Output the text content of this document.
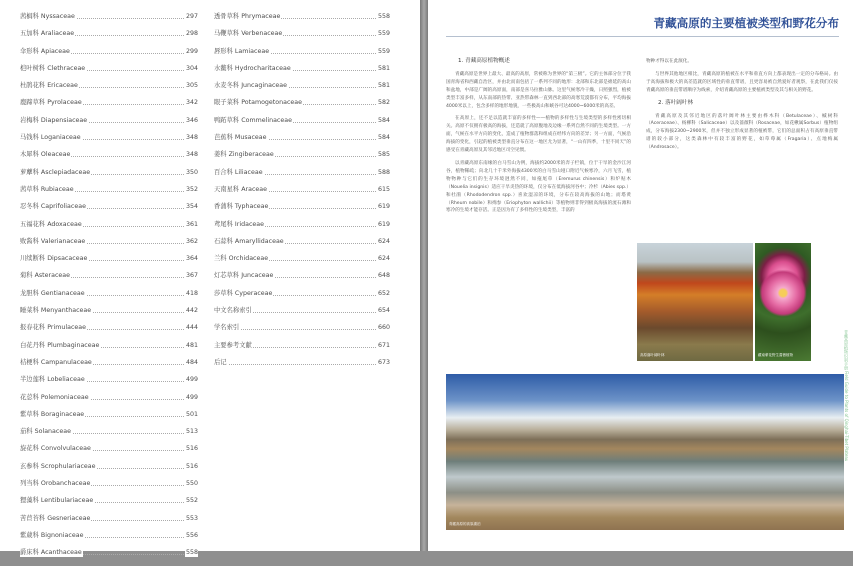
茜榈科 Nyssaceae	297
五加科 Araliaceae	298
伞形科 Apiaceae	299
桤叶树科 Clethraceae	304
杜鹃花科 Ericaceae	305
鹿蹄草科 Pyrolaceae	342
岩梅科 Diapensiaceae	346
马钱科 Loganiaceae	348
木犀科 Oleaceae	348
萝藦科 Asclepiadaceae	350
茜草科 Rubiaceae	352
忍冬科 Caprifoliaceae	354
五福花科 Adoxaceae	361
败酱科 Valerianaceae	362
川续断科 Dipsacaceae	364
菊科 Asteraceae	367
龙胆科 Gentianaceae	418
睡菜科 Menyanthaceae	442
报春花科 Primulaceae	444
白花丹科 Plumbaginaceae	481
桔梗科 Campanulaceae	484
半边莲科 Lobeliaceae	499
花荵科 Polemoniaceae	499
紫草科 Boraginaceae	501
茄科 Solanaceae	513
旋花科 Convolvulaceae	516
玄参科 Scrophulariaceae	516
列当科 Orobanchaceae	550
狸藻科 Lentibulariaceae	552
苦苣苔科 Gesneriaceae	553
紫葳科 Bignoniaceae	556
爵床科 Acanthaceae	558
透骨草科 Phrymaceae	558
马鞭草科 Verbenaceae	559
唇形科 Lamiaceae	559
水鳖科 Hydrocharitaceae	581
水麦冬科 Juncaginaceae	581
眼子菜科 Potamogetonaceae	582
鸭跖草科 Commelinaceae	584
芭蕉科 Musaceae	584
姜科 Zingiberaceae	585
百合科 Liliaceae	588
天南星科 Araceae	615
香蒲科 Typhaceae	619
鸢尾科 Iridaceae	619
石蒜科 Amaryllidaceae	624
兰科 Orchidaceae	624
灯芯草科 Juncaceae	648
莎草科 Cyperaceae	652
中文名称索引	654
学名索引	660
主要参考文献	671
后记	673
青藏高原的主要植被类型和野花分布
1. 青藏高原植物概述

青藏高原是世界上最大、最高的高原，常被称为世界的“第三极”。它的主体部分位于我国青海省和西藏自治区，并由北而南包括了一系列不同的地形：北部和东北部是绵延的高山和盆地，中部是广阔的高原面，南部是喜马拉雅山脉。这里气候寒冷干燥，日照强烈，植被类型丰富多样，从东南部的热带、亚热带森林一直到西北部的高寒荒漠都有分布，平均海拔4000米以上，包含多样的地形地貌，一些极高山和峡谷可达4000~6000米的高差。

在高原上，还不足以造就丰富的多样性——植物的多样性与生境类型的多样性密切相关。高原不仅拥有极高的海拔，还造就了高原腹地及边缘一系列自然不同的生境类型。一方面，气候在水平方向的变化，造成了植物群落和组成在经纬方向的差异；另一方面，气候沿海拔的变化，引起的植被类型垂直分布在这一地区尤为显著，“一山有四季，十里不同天”的感受在青藏高原及其邻近地区司空见惯。

以青藏高原东南缘的白马雪山为例，海拔约2000米的奔子栏镇，位于干旱的金沙江河谷，植物稀疏；向北几十千米外海拔4300米的白马雪山垭口附近气候寒冷，六月飞雪，植物物种与它们的生存环境迥然不同，如拖尾草（Eremurus chinensis）和炉贴木（Nouelia insignis）适应干旱炎热的环境，仅分布在低海拔河谷中；冷杉（Abies spp.）和杜鹃（Rhododendron spp.）喜欢湿凉的环境，分布在较高海拔的山地；而塔黄（Rheum nobile）和绵参（Eriophyton wallichii）等植物则非得到极高海拔的流石滩和寒冷的生境才能存活。正是因为有了多样性的生境类型，丰富的

物种才得以在此演化。

与世界其他地区相比，青藏高原的植被在水平和垂直方向上都表现出一定的分布格局。由于高海拔和极大的高差造就的区域性的垂直带谱，且更容易被自然爱好者观察，在此我们仅按青藏高原的垂直带谱顺序为线索，介绍青藏高原的主要植被类型及其与相关的野花。

2. 落叶阔叶林

青藏高原及其邻近地区的落叶阔叶林主要由桦木科（Betulaceae）、槭树科（Aceraceae）、杨柳科（Salicaceae）以及蔷薇科（Rosaceae，如花楸属Sorbus）植物组成，分布海拔2300~2900米，但并不独立形成显著的植被带，它们的总面积占有高原垂直带谱的较小部分，这类森林中有较丰富的野花，如草莓属（Fragaria）、点地梅属（Androsace）。

高原落叶阔叶林	藏南紫花野生蔷薇植物
青藏高原的高原湖泊
青藏高原植物识别手册 Field Guide to Plants of Qinghai-Tibet Plateau
